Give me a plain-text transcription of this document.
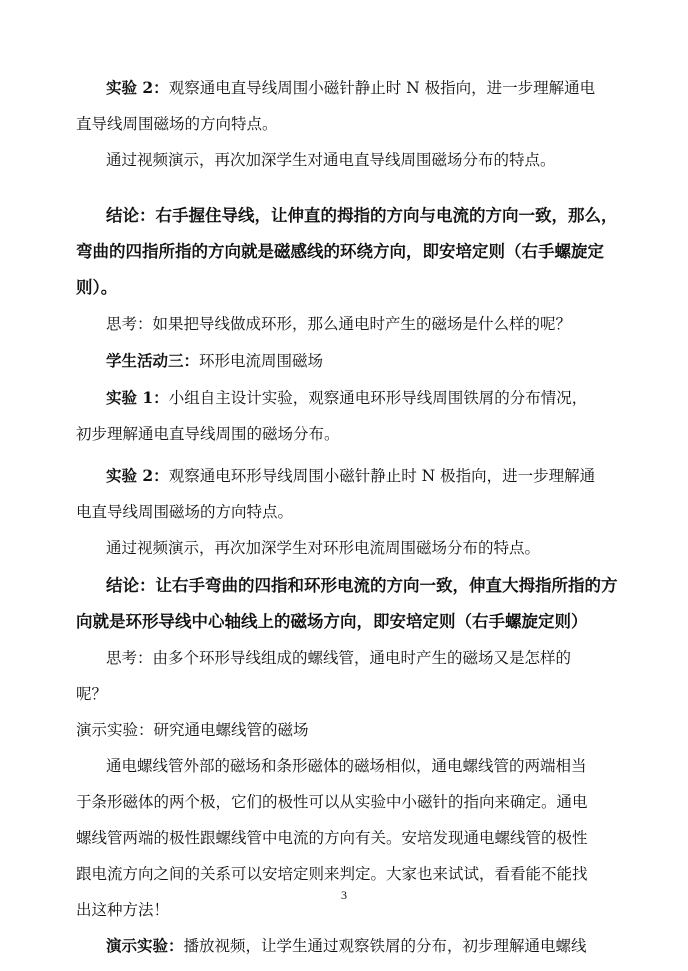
实验 2：观察通电直导线周围小磁针静止时 N 极指向，进一步理解通电
直导线周围磁场的方向特点。
通过视频演示，再次加深学生对通电直导线周围磁场分布的特点。
结论：右手握住导线，让伸直的拇指的方向与电流的方向一致，那么，
弯曲的四指所指的方向就是磁感线的环绕方向，即安培定则（右手螺旋定
则）。
思考：如果把导线做成环形，那么通电时产生的磁场是什么样的呢？
学生活动三：环形电流周围磁场
实验 1：小组自主设计实验，观察通电环形导线周围铁屑的分布情况，
初步理解通电直导线周围的磁场分布。
实验 2：观察通电环形导线周围小磁针静止时 N 极指向，进一步理解通
电直导线周围磁场的方向特点。
通过视频演示，再次加深学生对环形电流周围磁场分布的特点。
结论：让右手弯曲的四指和环形电流的方向一致，伸直大拇指所指的方
向就是环形导线中心轴线上的磁场方向，即安培定则（右手螺旋定则）
思考：由多个环形导线组成的螺线管，通电时产生的磁场又是怎样的
呢？
演示实验：研究通电螺线管的磁场
通电螺线管外部的磁场和条形磁体的磁场相似，通电螺线管的两端相当
于条形磁体的两个极，它们的极性可以从实验中小磁针的指向来确定。通电
螺线管两端的极性跟螺线管中电流的方向有关。安培发现通电螺线管的极性
跟电流方向之间的关系可以安培定则来判定。大家也来试试，看看能不能找
出这种方法！
演示实验：播放视频，让学生通过观察铁屑的分布，初步理解通电螺线
3
